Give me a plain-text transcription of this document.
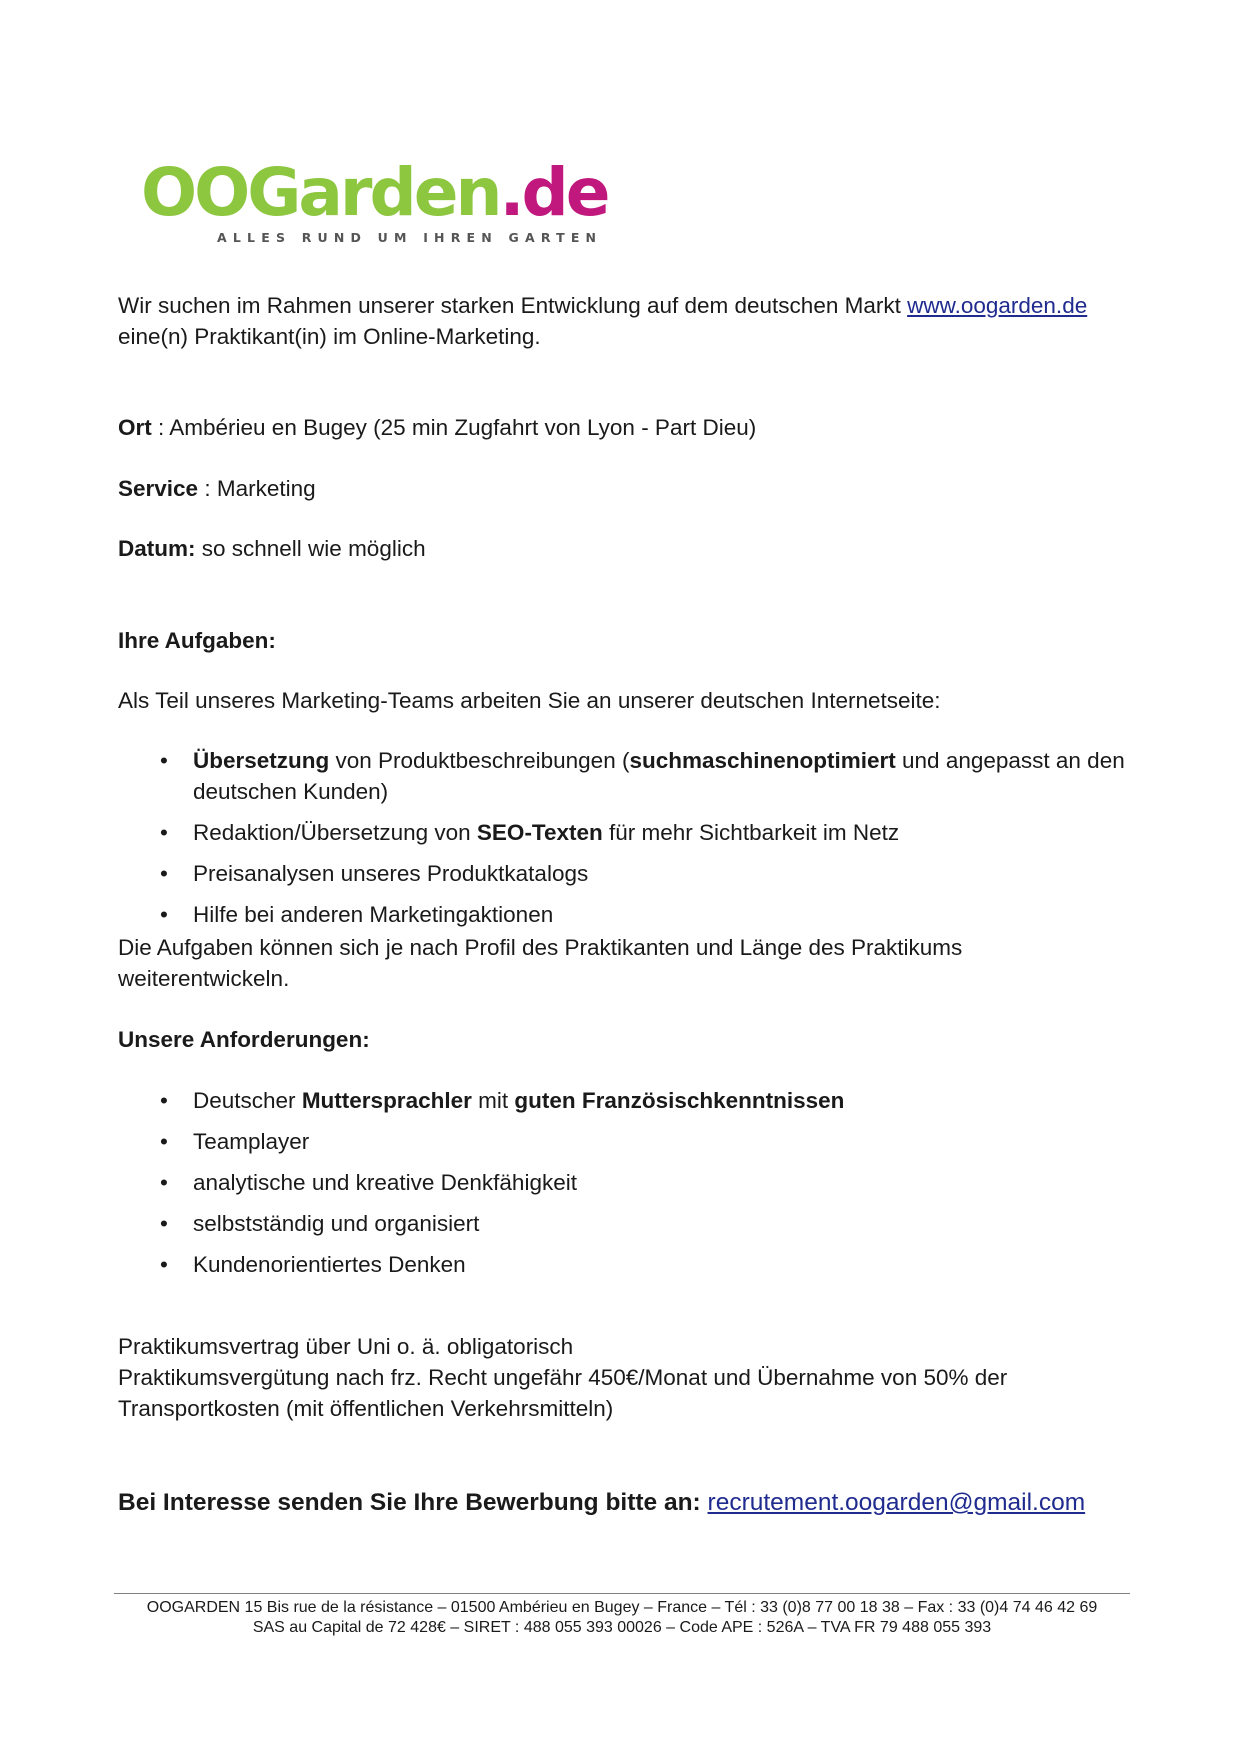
OOGarden.de
ALLES RUND UM IHREN GARTEN

Wir suchen im Rahmen unserer starken Entwicklung auf dem deutschen Markt www.oogarden.de
eine(n) Praktikant(in) im Online-Marketing.

Ort : Ambérieu en Bugey (25 min Zugfahrt von Lyon - Part Dieu)

Service : Marketing

Datum: so schnell wie möglich

Ihre Aufgaben:

Als Teil unseres Marketing-Teams arbeiten Sie an unserer deutschen Internetseite:

• Übersetzung von Produktbeschreibungen (suchmaschinenoptimiert und angepasst an den deutschen Kunden)
• Redaktion/Übersetzung von SEO-Texten für mehr Sichtbarkeit im Netz
• Preisanalysen unseres Produktkatalogs
• Hilfe bei anderen Marketingaktionen

Die Aufgaben können sich je nach Profil des Praktikanten und Länge des Praktikums weiterentwickeln.

Unsere Anforderungen:

• Deutscher Muttersprachler mit guten Französischkenntnissen
• Teamplayer
• analytische und kreative Denkfähigkeit
• selbstständig und organisiert
• Kundenorientiertes Denken

Praktikumsvertrag über Uni o. ä. obligatorisch

Praktikumsvergütung nach frz. Recht ungefähr 450€/Monat und Übernahme von 50% der Transportkosten (mit öffentlichen Verkehrsmitteln)

Bei Interesse senden Sie Ihre Bewerbung bitte an: recrutement.oogarden@gmail.com
OOGARDEN 15 Bis rue de la résistance – 01500 Ambérieu en Bugey – France – Tél : 33 (0)8 77 00 18 38 – Fax : 33 (0)4 74 46 42 69
SAS au Capital de 72 428€ – SIRET : 488 055 393 00026 – Code APE : 526A – TVA FR 79 488 055 393
